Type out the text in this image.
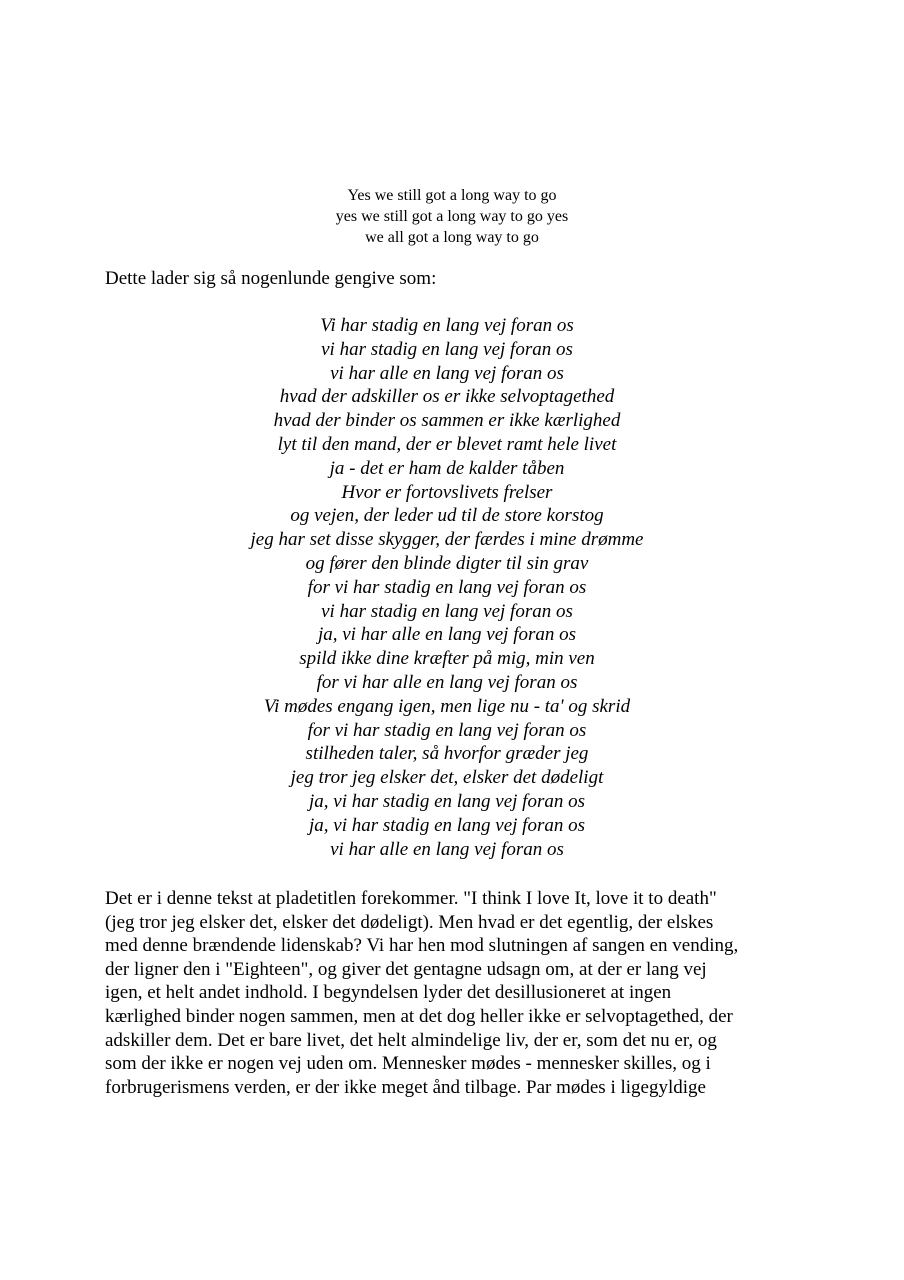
Yes we still got a long way to go
yes we still got a long way to go yes
we all got a long way to go
Dette lader sig så nogenlunde gengive som:
Vi har stadig en lang vej foran os
vi har stadig en lang vej foran os
vi har alle en lang vej foran os
hvad der adskiller os er ikke selvoptagethed
hvad der binder os sammen er ikke kærlighed
lyt til den mand, der er blevet ramt hele livet
ja - det er ham de kalder tåben
Hvor er fortovslivets frelser
og vejen, der leder ud til de store korstog
jeg har set disse skygger, der færdes i mine drømme
og fører den blinde digter til sin grav
for vi har stadig en lang vej foran os
vi har stadig en lang vej foran os
ja, vi har alle en lang vej foran os
spild ikke dine kræfter på mig, min ven
for vi har alle en lang vej foran os
Vi mødes engang igen, men lige nu - ta' og skrid
for vi har stadig en lang vej foran os
stilheden taler, så hvorfor græder jeg
jeg tror jeg elsker det, elsker det dødeligt
ja, vi har stadig en lang vej foran os
ja, vi har stadig en lang vej foran os
vi har alle en lang vej foran os
Det er i denne tekst at pladetitlen forekommer. "I think I love It, love it to death"
(jeg tror jeg elsker det, elsker det dødeligt). Men hvad er det egentlig, der elskes
med denne brændende lidenskab? Vi har hen mod slutningen af sangen en vending,
der ligner den i "Eighteen", og giver det gentagne udsagn om, at der er lang vej
igen, et helt andet indhold. I begyndelsen lyder det desillusioneret at ingen
kærlighed binder nogen sammen, men at det dog heller ikke er selvoptagethed, der
adskiller dem. Det er bare livet, det helt almindelige liv, der er, som det nu er, og
som der ikke er nogen vej uden om. Mennesker mødes - mennesker skilles, og i
forbrugerismens verden, er der ikke meget ånd tilbage. Par mødes i ligegyldige
